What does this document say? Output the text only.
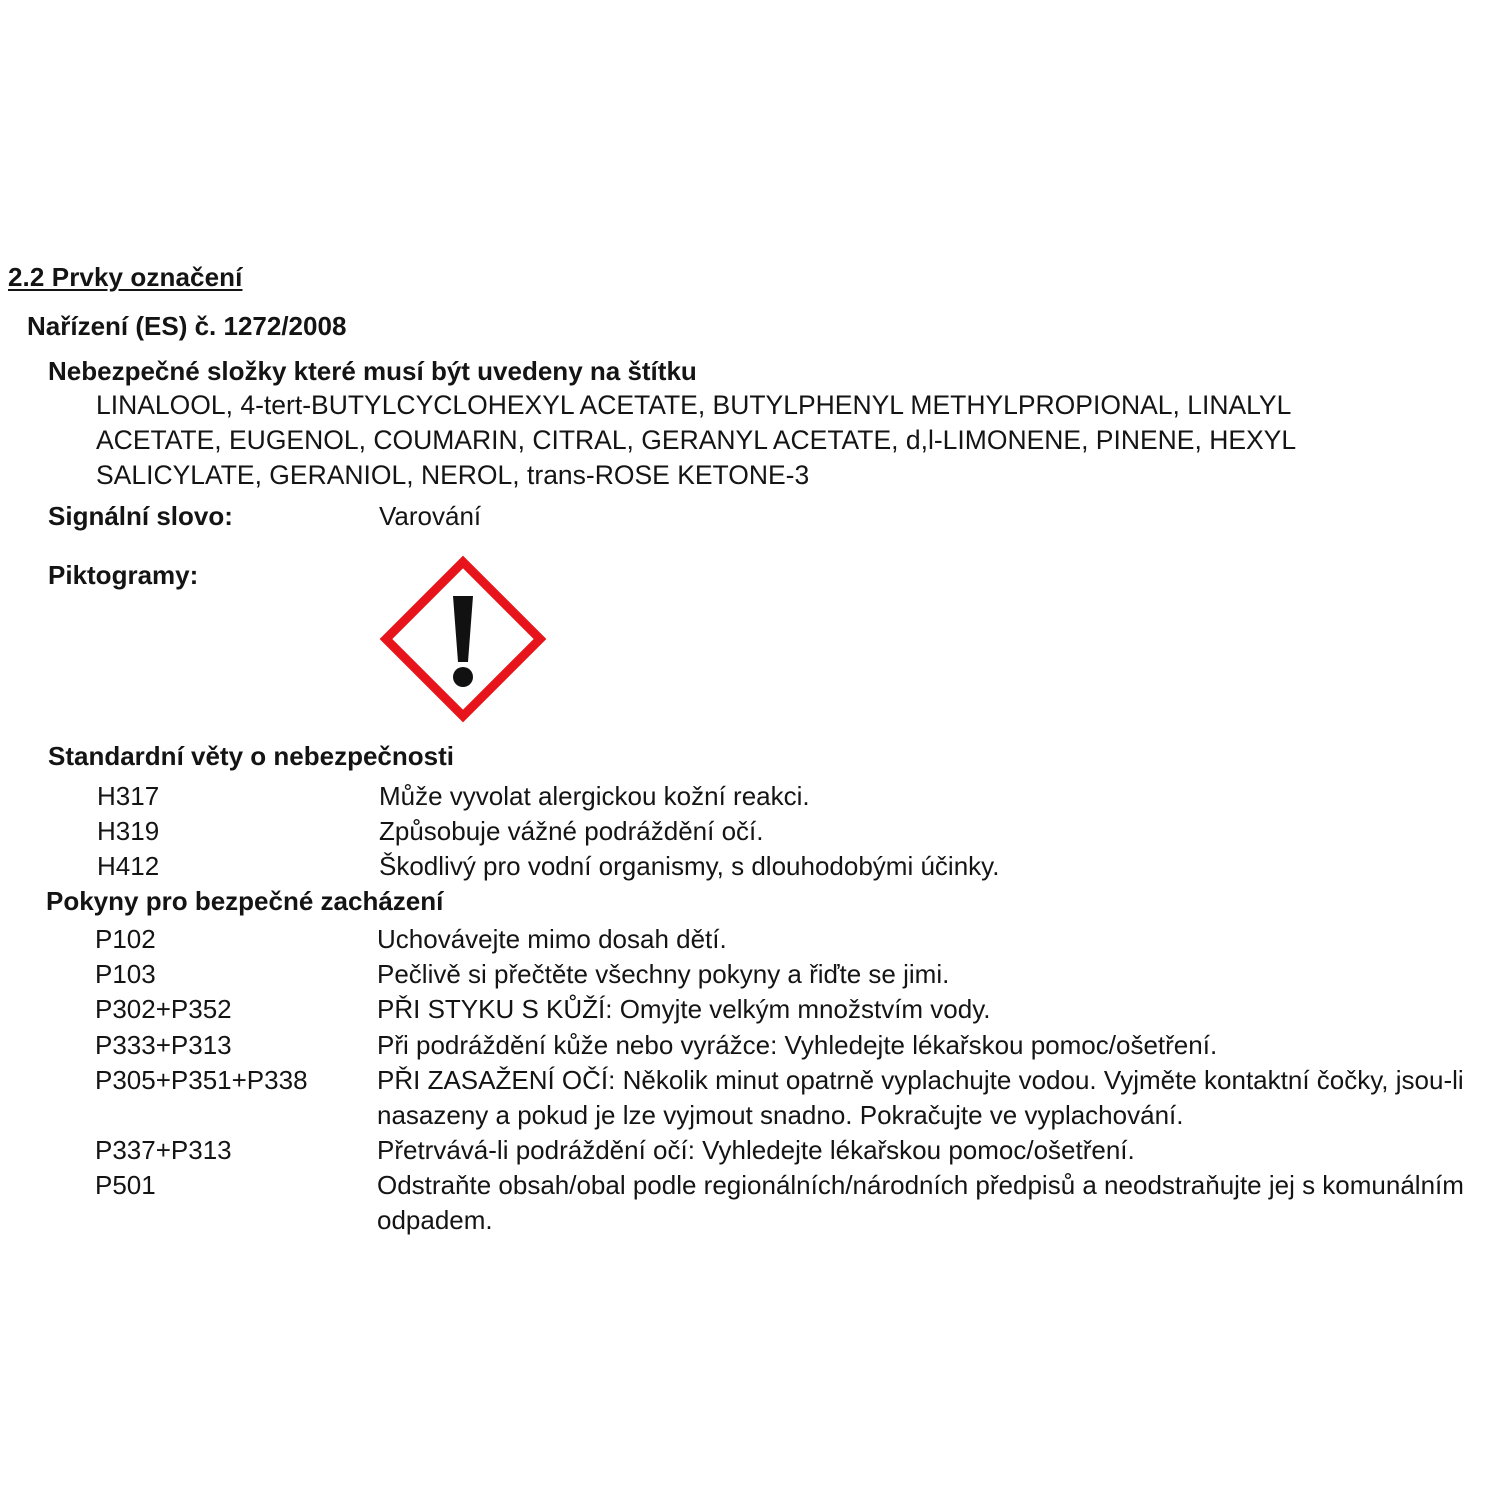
2.2 Prvky označení
Nařízení (ES) č. 1272/2008
Nebezpečné složky které musí být uvedeny na štítku

LINALOOL, 4-tert-BUTYLCYCLOHEXYL ACETATE, BUTYLPHENYL METHYLPROPIONAL, LINALYL
ACETATE, EUGENOL, COUMARIN, CITRAL, GERANYL ACETATE, d,l-LIMONENE, PINENE, HEXYL
SALICYLATE, GERANIOL, NEROL, trans-ROSE KETONE-3

Signální slovo:	Varování
Piktogramy:
Standardní věty o nebezpečnosti
H317	Může vyvolat alergickou kožní reakci.
H319	Způsobuje vážné podráždění očí.
H412	Škodlivý pro vodní organismy, s dlouhodobými účinky.
Pokyny pro bezpečné zacházení
P102	Uchovávejte mimo dosah dětí.
P103	Pečlivě si přečtěte všechny pokyny a řiďte se jimi.
P302+P352	PŘI STYKU S KŮŽÍ: Omyjte velkým množstvím vody.
P333+P313	Při podráždění kůže nebo vyrážce: Vyhledejte lékařskou pomoc/ošetření.
P305+P351+P338	PŘI ZASAŽENÍ OČÍ: Několik minut opatrně vyplachujte vodou. Vyjměte kontaktní čočky, jsou-li nasazeny a pokud je lze vyjmout snadno. Pokračujte ve vyplachování.
P337+P313	Přetrvává-li podráždění očí: Vyhledejte lékařskou pomoc/ošetření.
P501	Odstraňte obsah/obal podle regionálních/národních předpisů a neodstraňujte jej s komunálním odpadem.
